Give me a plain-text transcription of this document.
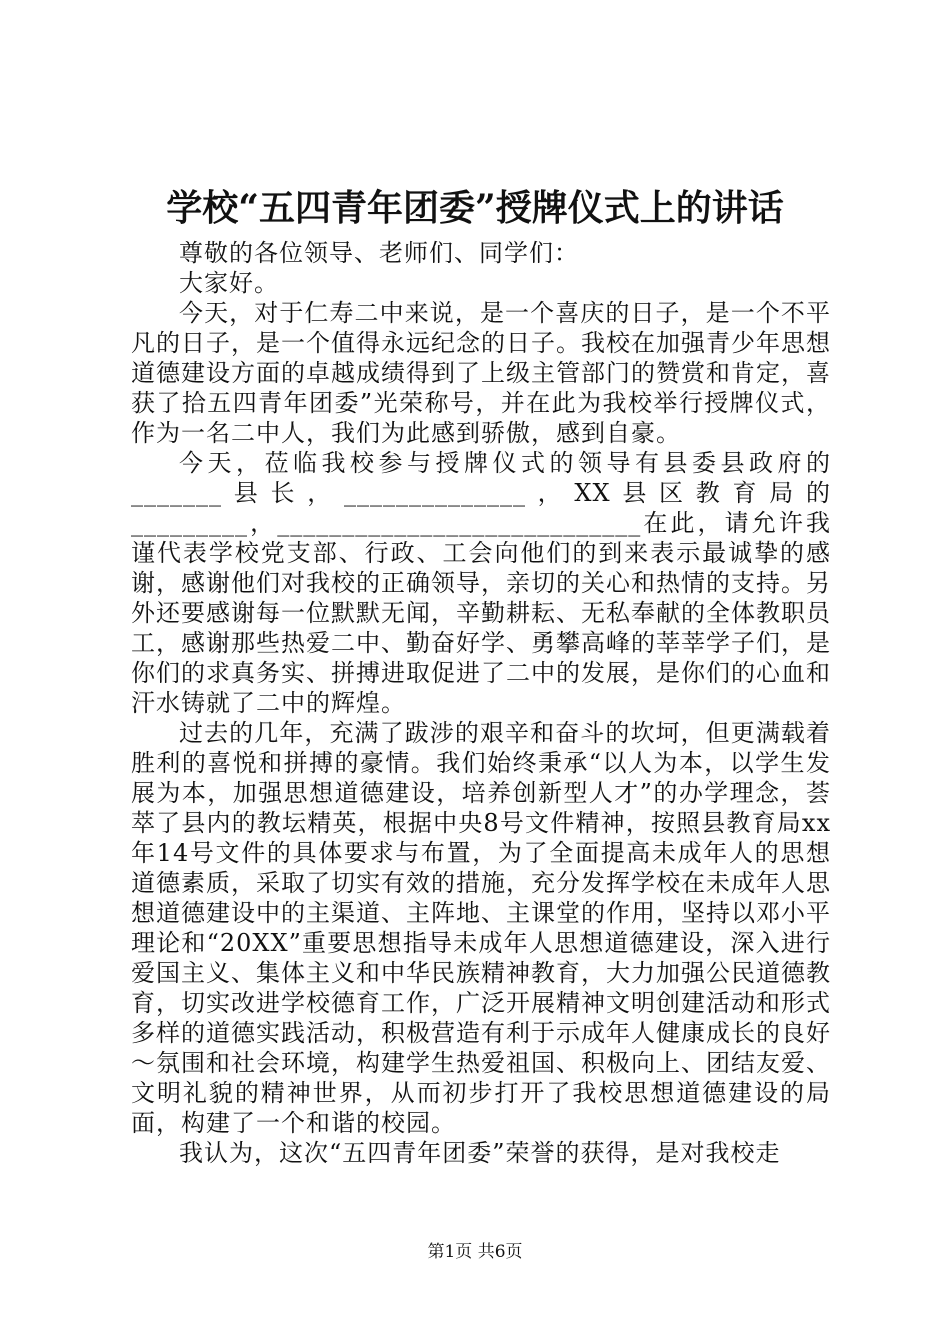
学校“五四青年团委”授牌仪式上的讲话

尊敬的各位领导、老师们、同学们：

大家好。

今天，对于仁寿二中来说，是一个喜庆的日子，是一个不平凡的日子，是一个值得永远纪念的日子。我校在加强青少年思想道德建设方面的卓越成绩得到了上级主管部门的赞赏和肯定，喜获了拾五四青年团委”光荣称号，并在此为我校举行授牌仪式，作为一名二中人，我们为此感到骄傲，感到自豪。

今天，莅临我校参与授牌仪式的领导有县委县政府的_______县长，______________，XX县区教育局的_________，____________________________在此，请允许我谨代表学校党支部、行政、工会向他们的到来表示最诚挚的感谢，感谢他们对我校的正确领导，亲切的关心和热情的支持。另外还要感谢每一位默默无闻，辛勤耕耘、无私奉献的全体教职员工，感谢那些热爱二中、勤奋好学、勇攀高峰的莘莘学子们，是你们的求真务实、拼搏进取促进了二中的发展，是你们的心血和汗水铸就了二中的辉煌。

过去的几年，充满了跋涉的艰辛和奋斗的坎坷，但更满载着胜利的喜悦和拼搏的豪情。我们始终秉承“以人为本，以学生发展为本，加强思想道德建设，培养创新型人才”的办学理念，荟萃了县内的教坛精英，根据中央8号文件精神，按照县教育局xx年14号文件的具体要求与布置，为了全面提高未成年人的思想道德素质，采取了切实有效的措施，充分发挥学校在未成年人思想道德建设中的主渠道、主阵地、主课堂的作用，坚持以邓小平理论和“20XX”重要思想指导未成年人思想道德建设，深入进行爱国主义、集体主义和中华民族精神教育，大力加强公民道德教育，切实改进学校德育工作，广泛开展精神文明创建活动和形式多样的道德实践活动，积极营造有利于示成年人健康成长的良好～氛围和社会环境，构建学生热爱祖国、积极向上、团结友爱、文明礼貌的精神世界，从而初步打开了我校思想道德建设的局面，构建了一个和谐的校园。

我认为，这次“五四青年团委”荣誉的获得，是对我校走

第1页 共6页
